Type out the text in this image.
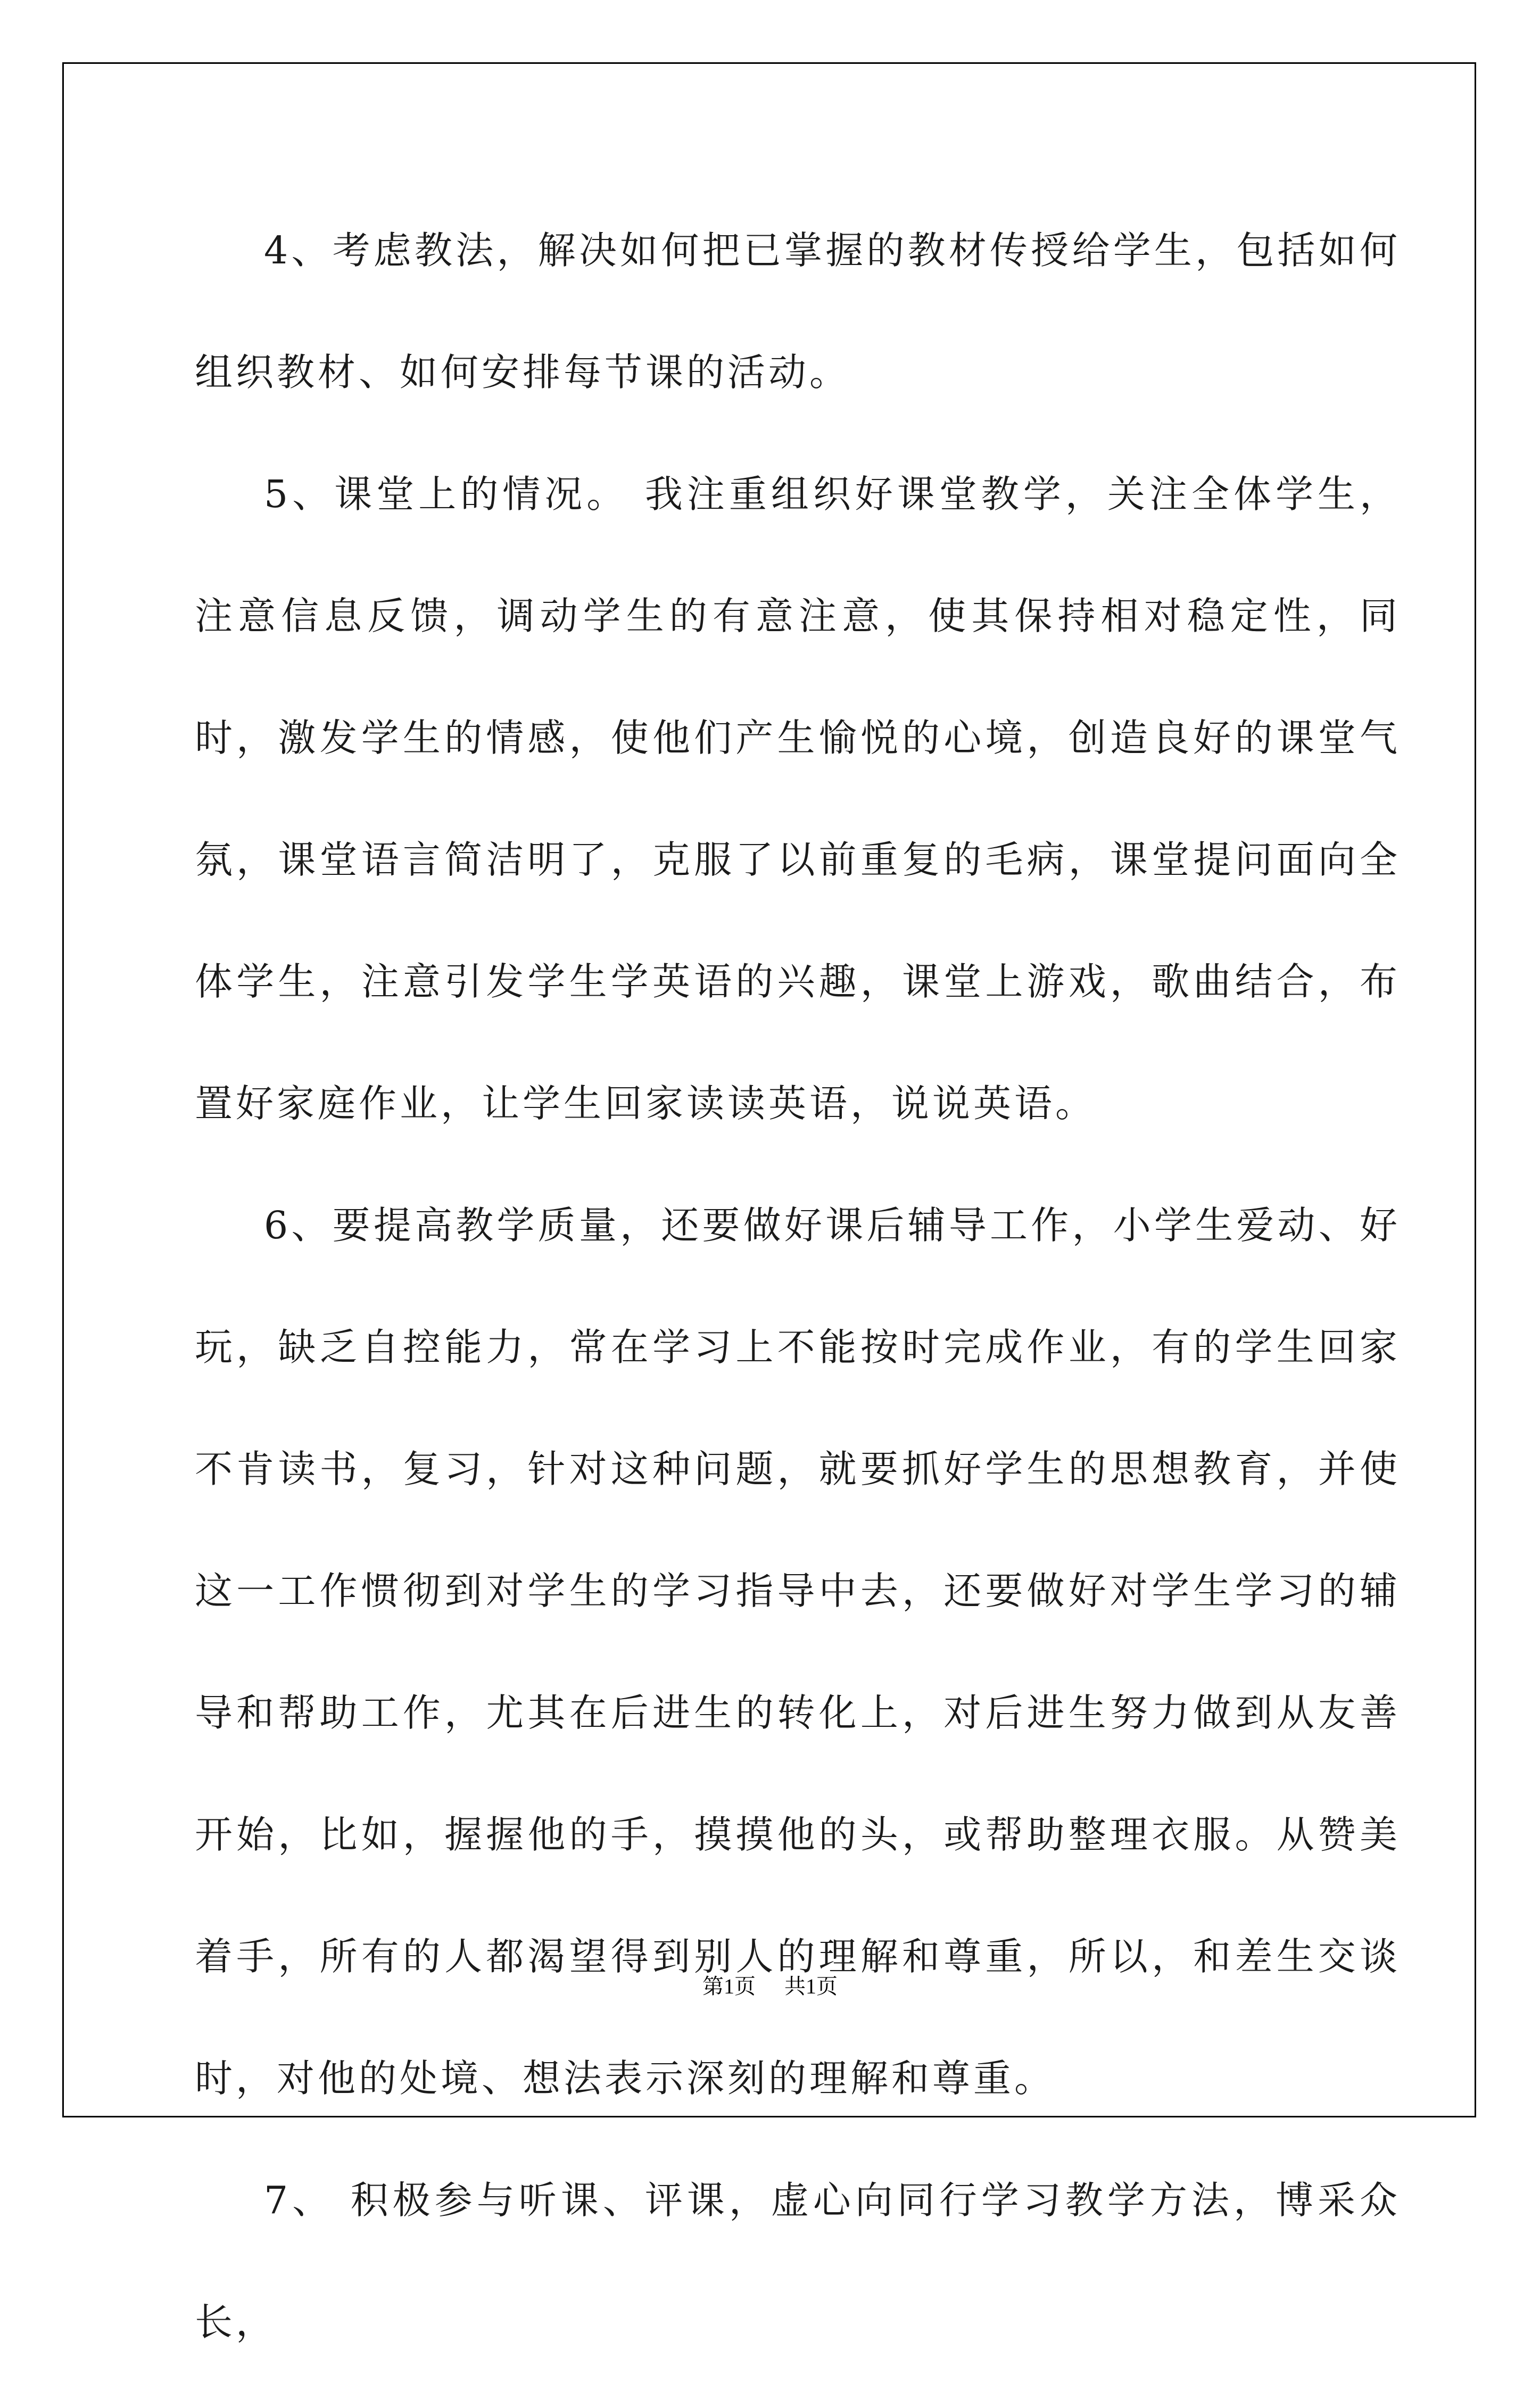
4、考虑教法，解决如何把已掌握的教材传授给学生，包括如何组织教材、如何安排每节课的活动。

5、课堂上的情况。 我注重组织好课堂教学，关注全体学生，注意信息反馈，调动学生的有意注意，使其保持相对稳定性，同时，激发学生的情感，使他们产生愉悦的心境，创造良好的课堂气氛，课堂语言简洁明了，克服了以前重复的毛病，课堂提问面向全体学生，注意引发学生学英语的兴趣，课堂上游戏，歌曲结合，布置好家庭作业，让学生回家读读英语，说说英语。

6、要提高教学质量，还要做好课后辅导工作，小学生爱动、好玩，缺乏自控能力，常在学习上不能按时完成作业，有的学生回家不肯读书，复习，针对这种问题，就要抓好学生的思想教育，并使这一工作惯彻到对学生的学习指导中去，还要做好对学生学习的辅导和帮助工作，尤其在后进生的转化上，对后进生努力做到从友善开始，比如，握握他的手，摸摸他的头，或帮助整理衣服。从赞美着手，所有的人都渴望得到别人的理解和尊重，所以，和差生交谈时，对他的处境、想法表示深刻的理解和尊重。

7、 积极参与听课、评课，虚心向同行学习教学方法，博采众长，

第1页 共1页
